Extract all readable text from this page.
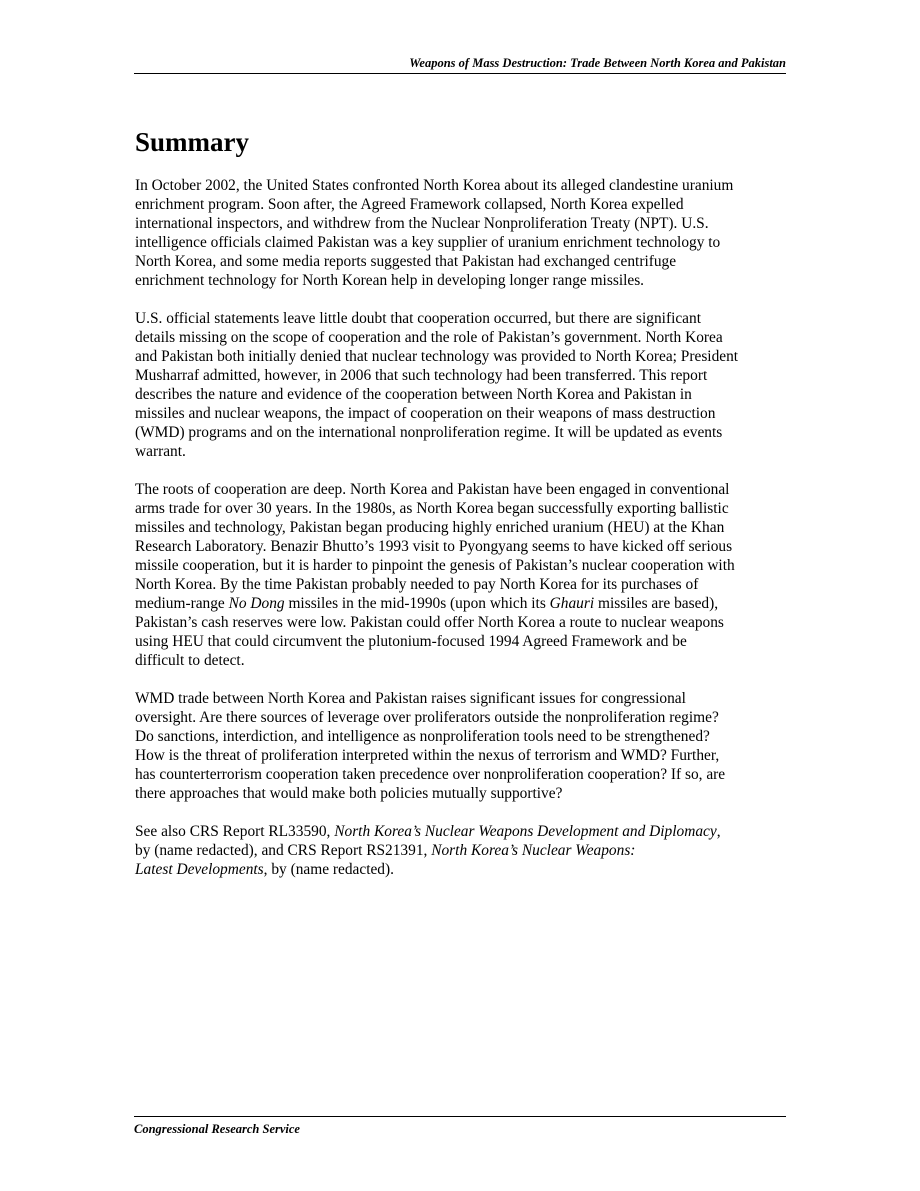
Weapons of Mass Destruction: Trade Between North Korea and Pakistan
Summary

In October 2002, the United States confronted North Korea about its alleged clandestine uranium
enrichment program. Soon after, the Agreed Framework collapsed, North Korea expelled
international inspectors, and withdrew from the Nuclear Nonproliferation Treaty (NPT). U.S.
intelligence officials claimed Pakistan was a key supplier of uranium enrichment technology to
North Korea, and some media reports suggested that Pakistan had exchanged centrifuge
enrichment technology for North Korean help in developing longer range missiles.

U.S. official statements leave little doubt that cooperation occurred, but there are significant
details missing on the scope of cooperation and the role of Pakistan’s government. North Korea
and Pakistan both initially denied that nuclear technology was provided to North Korea; President
Musharraf admitted, however, in 2006 that such technology had been transferred. This report
describes the nature and evidence of the cooperation between North Korea and Pakistan in
missiles and nuclear weapons, the impact of cooperation on their weapons of mass destruction
(WMD) programs and on the international nonproliferation regime. It will be updated as events
warrant.

The roots of cooperation are deep. North Korea and Pakistan have been engaged in conventional
arms trade for over 30 years. In the 1980s, as North Korea began successfully exporting ballistic
missiles and technology, Pakistan began producing highly enriched uranium (HEU) at the Khan
Research Laboratory. Benazir Bhutto’s 1993 visit to Pyongyang seems to have kicked off serious
missile cooperation, but it is harder to pinpoint the genesis of Pakistan’s nuclear cooperation with
North Korea. By the time Pakistan probably needed to pay North Korea for its purchases of
medium-range No Dong missiles in the mid-1990s (upon which its Ghauri missiles are based),
Pakistan’s cash reserves were low. Pakistan could offer North Korea a route to nuclear weapons
using HEU that could circumvent the plutonium-focused 1994 Agreed Framework and be
difficult to detect.

WMD trade between North Korea and Pakistan raises significant issues for congressional
oversight. Are there sources of leverage over proliferators outside the nonproliferation regime?
Do sanctions, interdiction, and intelligence as nonproliferation tools need to be strengthened?
How is the threat of proliferation interpreted within the nexus of terrorism and WMD? Further,
has counterterrorism cooperation taken precedence over nonproliferation cooperation? If so, are
there approaches that would make both policies mutually supportive?

See also CRS Report RL33590, North Korea’s Nuclear Weapons Development and Diplomacy,
by (name redacted), and CRS Report RS21391, North Korea’s Nuclear Weapons:
Latest Developments, by (name redacted).

Congressional Research Service
